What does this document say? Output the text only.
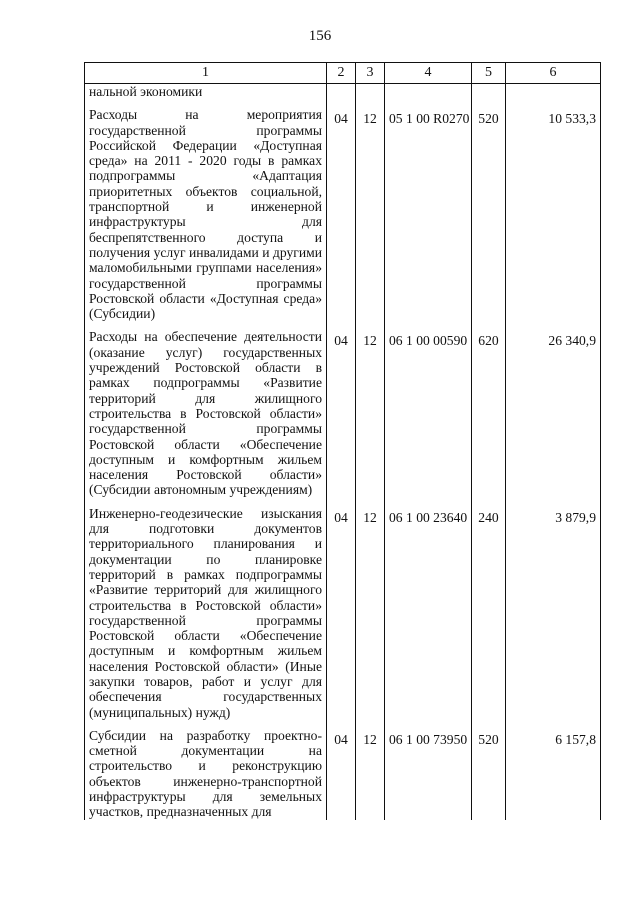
156
1	2	3	4	5	6
нальной экономики					

Расходы на мероприятия государственной программы Российской Федерации «Доступная среда» на 2011 - 2020 годы в рамках подпрограммы «Адаптация приоритетных объектов социальной, транспортной и инженерной инфраструктуры для беспрепятственного доступа и получения услуг инвалидами и другими маломобильными группами населения» государственной программы Ростовской области «Доступная среда» (Субсидии)	04	12	05 1 00 R0270	520	10 533,3

Расходы на обеспечение деятельности (оказание услуг) государственных учреждений Ростовской области в рамках подпрограммы «Развитие территорий для жилищного строительства в Ростовской области» государственной программы Ростовской области «Обеспечение доступным и комфортным жильем населения Ростовской области» (Субсидии автономным учреждениям)	04	12	06 1 00 00590	620	26 340,9

Инженерно-геодезические изыскания для подготовки документов территориального планирования и документации по планировке территорий в рамках подпрограммы «Развитие территорий для жилищного строительства в Ростовской области» государственной программы Ростовской области «Обеспечение доступным и комфортным жильем населения Ростовской области» (Иные закупки товаров, работ и услуг для обеспечения государственных (муниципальных) нужд)	04	12	06 1 00 23640	240	3 879,9

Субсидии на разработку проектно-сметной документации на строительство и реконструкцию объектов инженерно-транспортной инфраструктуры для земельных участков, предназначенных для	04	12	06 1 00 73950	520	6 157,8
